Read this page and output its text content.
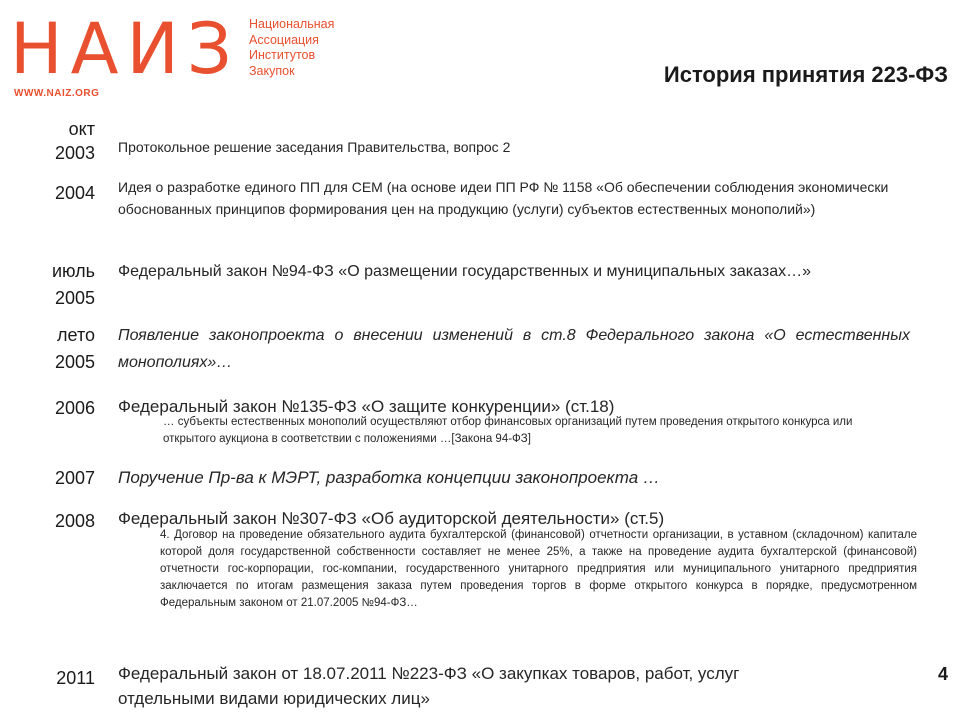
НАИЗ Национальная
Ассоциация
Институтов
Закупок
WWW.NAIZ.ORG
История принятия 223-ФЗ
окт
2003 Протокольное решение заседания Правительства, вопрос 2
2004 Идея о разработке единого ПП для СЕМ (на основе идеи ПП РФ № 1158 «Об обеспечении соблюдения экономически обоснованных принципов формирования цен на продукцию (услуги) субъектов естественных монополий»)
июль
2005
Федеральный закон №94-ФЗ «О размещении государственных и муниципальных заказах…»
лето
2005
Появление законопроекта о внесении изменений в ст.8 Федерального закона «О естественных монополиях»…
2006 Федеральный закон №135-ФЗ «О защите конкуренции» (ст.18)
… субъекты естественных монополий осуществляют отбор финансовых организаций путем проведения открытого конкурса или открытого аукциона в соответствии с положениями …[Закона 94-ФЗ]
2007 Поручение Пр-ва к МЭРТ, разработка концепции законопроекта …
2008 Федеральный закон №307-ФЗ «Об аудиторской деятельности» (ст.5)
4. Договор на проведение обязательного аудита бухгалтерской (финансовой) отчетности организации, в уставном (складочном) капитале которой доля государственной собственности составляет не менее 25%, а также на проведение аудита бухгалтерской (финансовой) отчетности гос-корпорации, гос-компании, государственного унитарного предприятия или муниципального унитарного предприятия заключается по итогам размещения заказа путем проведения торгов в форме открытого конкурса в порядке, предусмотренном Федеральным законом от 21.07.2005 №94-ФЗ…
2011 Федеральный закон от 18.07.2011 №223-ФЗ «О закупках товаров, работ, услуг отдельными видами юридических лиц»
4
